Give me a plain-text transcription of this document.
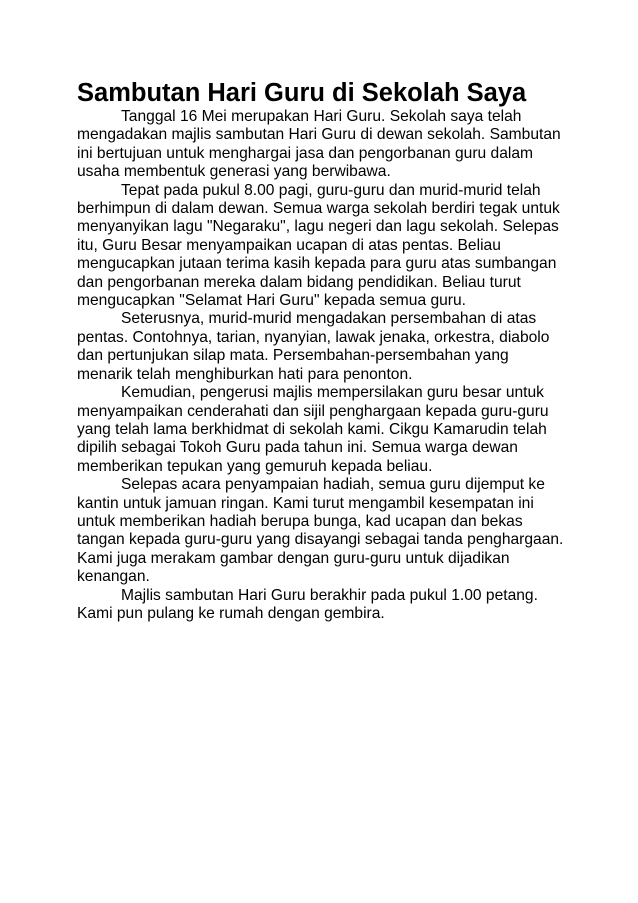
Sambutan Hari Guru di Sekolah Saya

Tanggal 16 Mei merupakan Hari Guru. Sekolah saya telah mengadakan majlis sambutan Hari Guru di dewan sekolah. Sambutan ini bertujuan untuk menghargai jasa dan pengorbanan guru dalam usaha membentuk generasi yang berwibawa.

Tepat pada pukul 8.00 pagi, guru-guru dan murid-murid telah berhimpun di dalam dewan. Semua warga sekolah berdiri tegak untuk menyanyikan lagu "Negaraku", lagu negeri dan lagu sekolah. Selepas itu, Guru Besar menyampaikan ucapan di atas pentas. Beliau mengucapkan jutaan terima kasih kepada para guru atas sumbangan dan pengorbanan mereka dalam bidang pendidikan. Beliau turut mengucapkan "Selamat Hari Guru" kepada semua guru.

Seterusnya, murid-murid mengadakan persembahan di atas pentas. Contohnya, tarian, nyanyian, lawak jenaka, orkestra, diabolo dan pertunjukan silap mata. Persembahan-persembahan yang menarik telah menghiburkan hati para penonton.

Kemudian, pengerusi majlis mempersilakan guru besar untuk menyampaikan cenderahati dan sijil penghargaan kepada guru-guru yang telah lama berkhidmat di sekolah kami. Cikgu Kamarudin telah dipilih sebagai Tokoh Guru pada tahun ini. Semua warga dewan memberikan tepukan yang gemuruh kepada beliau.

Selepas acara penyampaian hadiah, semua guru dijemput ke kantin untuk jamuan ringan. Kami turut mengambil kesempatan ini untuk memberikan hadiah berupa bunga, kad ucapan dan bekas tangan kepada guru-guru yang disayangi sebagai tanda penghargaan. Kami juga merakam gambar dengan guru-guru untuk dijadikan kenangan.

Majlis sambutan Hari Guru berakhir pada pukul 1.00 petang. Kami pun pulang ke rumah dengan gembira.
